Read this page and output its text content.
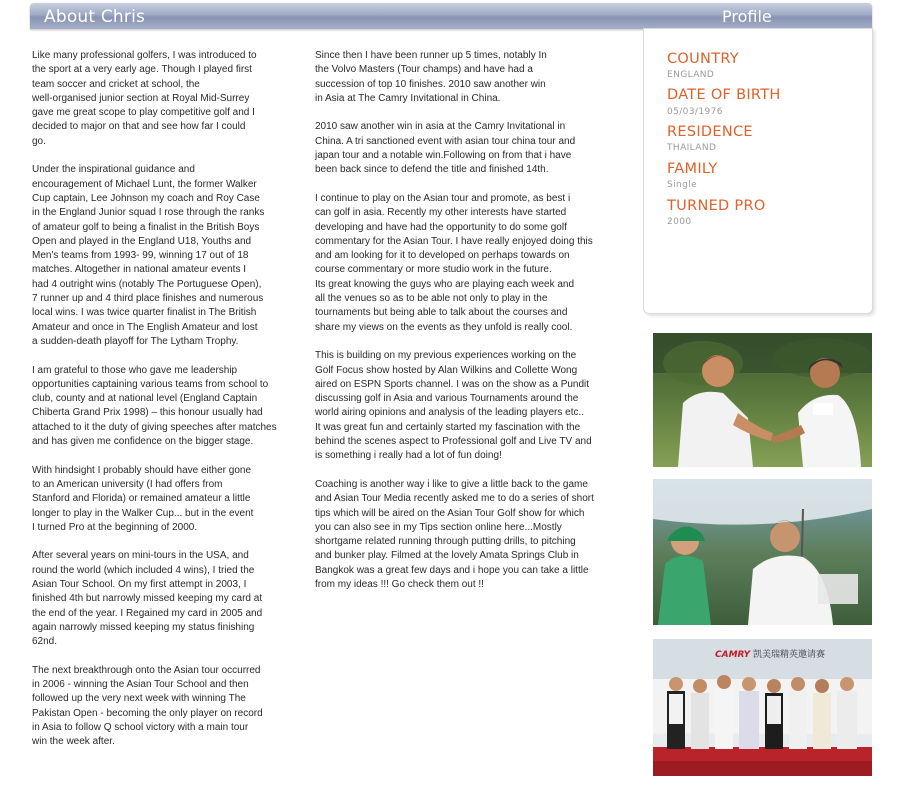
About Chris	Profile

Like many professional golfers, I was introduced to
the sport at a very early age. Though I played first
team soccer and cricket at school, the
well-organised junior section at Royal Mid-Surrey
gave me great scope to play competitive golf and I
decided to major on that and see how far I could
go.

Under the inspirational guidance and
encouragement of Michael Lunt, the former Walker
Cup captain, Lee Johnson my coach and Roy Case
in the England Junior squad I rose through the ranks
of amateur golf to being a finalist in the British Boys
Open and played in the England U18, Youths and
Men's teams from 1993- 99, winning 17 out of 18
matches. Altogether in national amateur events I
had 4 outright wins (notably The Portuguese Open),
7 runner up and 4 third place finishes and numerous
local wins. I was twice quarter finalist in The British
Amateur and once in The English Amateur and lost
a sudden-death playoff for The Lytham Trophy.

I am grateful to those who gave me leadership
opportunities captaining various teams from school to
club, county and at national level (England Captain
Chiberta Grand Prix 1998) – this honour usually had
attached to it the duty of giving speeches after matches
and has given me confidence on the bigger stage.

With hindsight I probably should have either gone
to an American university (I had offers from
Stanford and Florida) or remained amateur a little
longer to play in the Walker Cup... but in the event
I turned Pro at the beginning of 2000.

After several years on mini-tours in the USA, and
round the world (which included 4 wins), I tried the
Asian Tour School. On my first attempt in 2003, I
finished 4th but narrowly missed keeping my card at
the end of the year. I Regained my card in 2005 and
again narrowly missed keeping my status finishing
62nd.

The next breakthrough onto the Asian tour occurred
in 2006 - winning the Asian Tour School and then
followed up the very next week with winning The
Pakistan Open - becoming the only player on record
in Asia to follow Q school victory with a main tour
win the week after.

Since then I have been runner up 5 times, notably In
the Volvo Masters (Tour champs) and have had a
succession of top 10 finishes. 2010 saw another win
in Asia at The Camry Invitational in China.

2010 saw another win in asia at the Camry Invitational in
China. A tri sanctioned event with asian tour china tour and
japan tour and a notable win.Following on from that i have
been back since to defend the title and finished 14th.

I continue to play on the Asian tour and promote, as best i
can golf in asia. Recently my other interests have started
developing and have had the opportunity to do some golf
commentary for the Asian Tour. I have really enjoyed doing this
and am looking for it to developed on perhaps towards on
course commentary or more studio work in the future.
Its great knowing the guys who are playing each week and
all the venues so as to be able not only to play in the
tournaments but being able to talk about the courses and
share my views on the events as they unfold is really cool.

This is building on my previous experiences working on the
Golf Focus show hosted by Alan Wilkins and Collette Wong
aired on ESPN Sports channel. I was on the show as a Pundit
discussing golf in Asia and various Tournaments around the
world airing opinions and analysis of the leading players etc..
It was great fun and certainly started my fascination with the
behind the scenes aspect to Professional golf and Live TV and
is something i really had a lot of fun doing!

Coaching is another way i like to give a little back to the game
and Asian Tour Media recently asked me to do a series of short
tips which will be aired on the Asian Tour Golf show for which
you can also see in my Tips section online here...Mostly
shortgame related running through putting drills, to pitching
and bunker play. Filmed at the lovely Amata Springs Club in
Bangkok was a great few days and i hope you can take a little
from my ideas !!! Go check them out !!

COUNTRY
ENGLAND
DATE OF BIRTH
05/03/1976
RESIDENCE
THAILAND
FAMILY
Single
TURNED PRO
2000
CAMRY 凯美瑞精英邀请赛
